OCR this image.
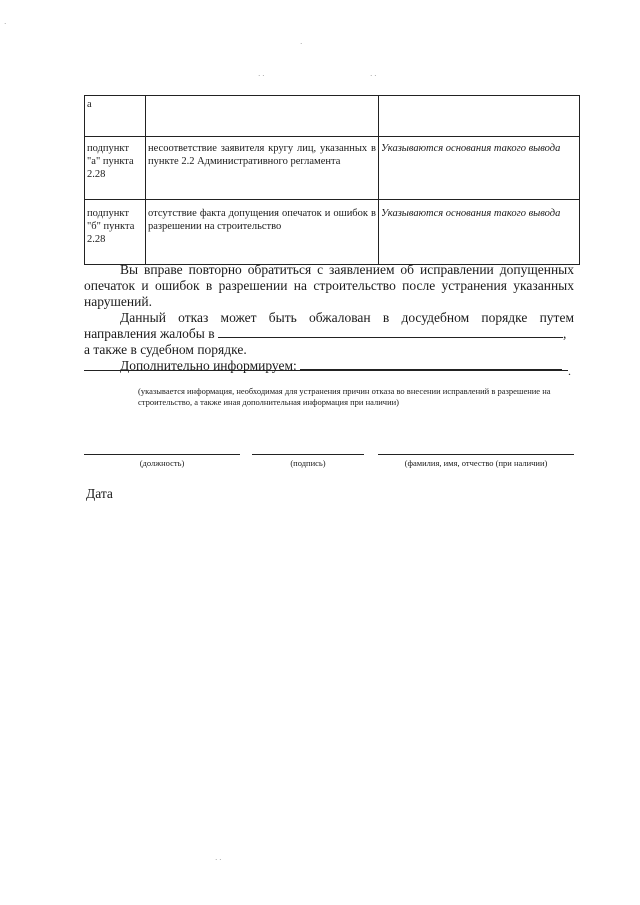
а		
подпункт "а" пункта 2.28	несоответствие заявителя кругу лиц, указанных в пункте 2.2 Административного регламента	Указываются основания такого вывода
подпункт "б" пункта 2.28	отсутствие факта допущения опечаток и ошибок в разрешении на строительство	Указываются основания такого вывода
Вы вправе повторно обратиться с заявлением об исправлении допущенных опечаток и ошибок в разрешении на строительство после устранения указанных нарушений.
Данный отказ может быть обжалован в досудебном порядке путем направления жалобы в	,
а также в судебном порядке.
Дополнительно информируем:	.
(указывается информация, необходимая для устранения причин отказа во внесении исправлений в разрешение на строительство, а также иная дополнительная информация при наличии)
(должность)	(подпись)	(фамилия, имя, отчество (при наличии)
Дата
·
· ·	· ·
·
· ·
